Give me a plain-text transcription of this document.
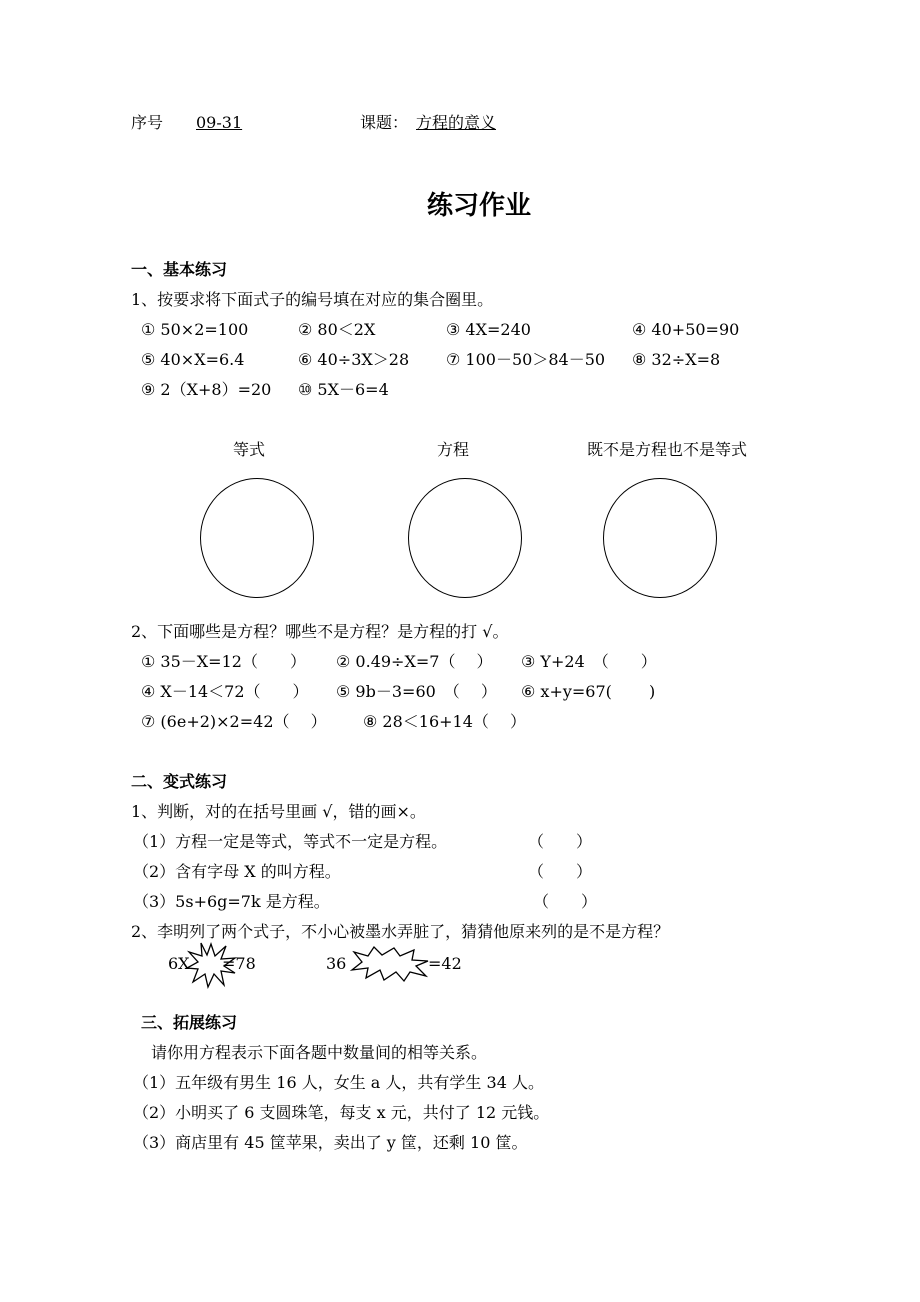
序号 09-31	课题： 方程的意义
练习作业
一、基本练习
1、按要求将下面式子的编号填在对应的集合圈里。
① 50×2=100	② 80＜2X	③ 4X=240	④ 40+50=90
⑤ 40×X=6.4	⑥ 40÷3X＞28 ⑦ 100－50＞84－50 ⑧ 32÷X=8
⑨ 2（X+8）=20 ⑩ 5X－6=4
等式	方程	既不是方程也不是等式
2、下面哪些是方程？哪些不是方程？是方程的打 √。
① 35－X=12（　　） ② 0.49÷X=7（　 ） ③ Y+24　（　　）
④ X－14＜72（　　） ⑤ 9b－3=60　（　 ） ⑥ x+y=67(　　 )
⑦ (6e+2)×2=42（　 ） ⑧ 28＜16+14（　 ）
二、变式练习
1、判断，对的在括号里画 √，错的画×。
（1）方程一定是等式，等式不一定是方程。	（　　）
（2）含有字母 X 的叫方程。	（　　）
（3）5s+6g=7k 是方程。	（　　）
2、李明列了两个式子，不小心被墨水弄脏了，猜猜他原来列的是不是方程？
6X =78	36	=42
三、拓展练习
请你用方程表示下面各题中数量间的相等关系。
（1）五年级有男生 16 人，女生 a 人，共有学生 34 人。
（2）小明买了 6 支圆珠笔，每支 x 元，共付了 12 元钱。
（3）商店里有 45 筐苹果，卖出了 y 筐，还剩 10 筐。
